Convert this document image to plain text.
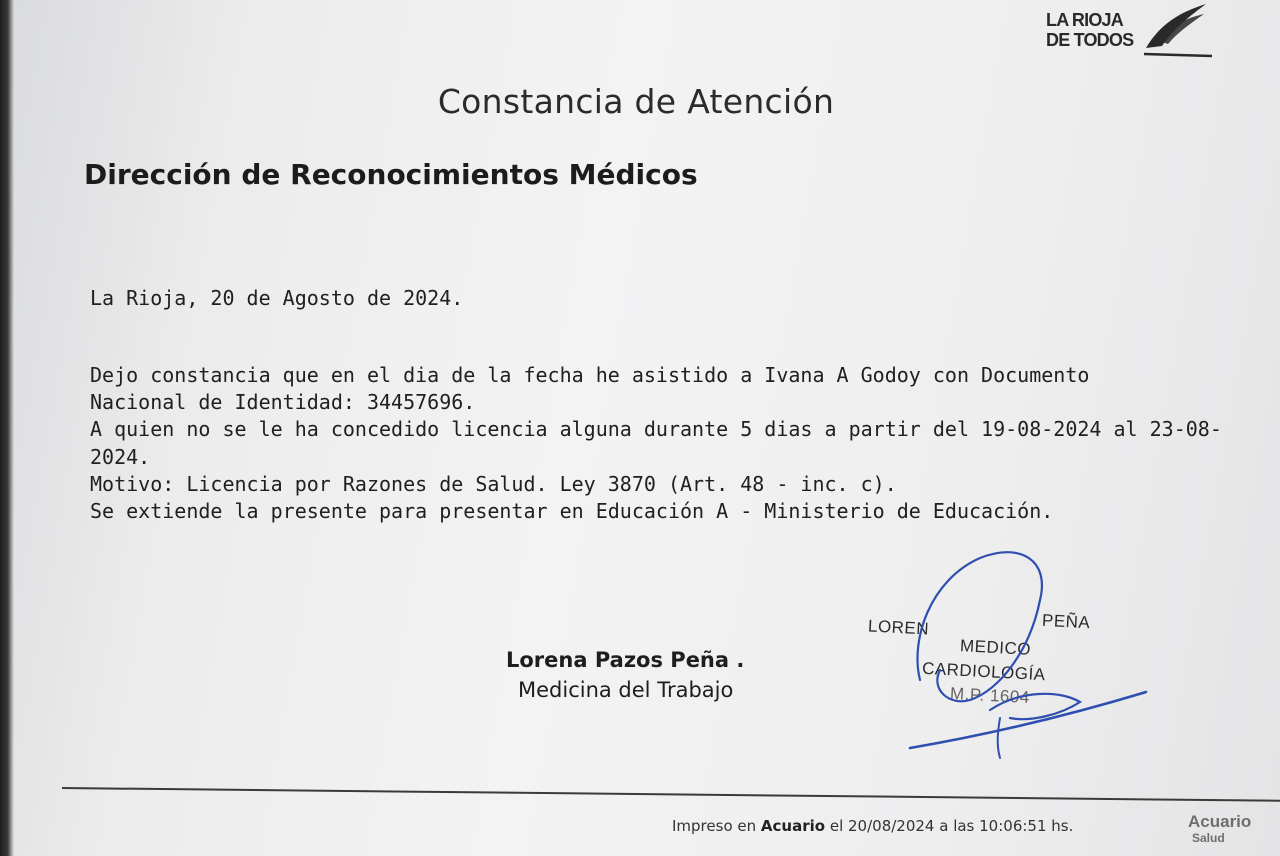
LA RIOJA
DE TODOS
Constancia de Atención
Dirección de Reconocimientos Médicos
La Rioja, 20 de Agosto de 2024.
Dejo constancia que en el dia de la fecha he asistido a Ivana A Godoy con Documento
Nacional de Identidad: 34457696.
A quien no se le ha concedido licencia alguna durante 5 dias a partir del 19-08-2024 al 23-08-
2024.
Motivo: Licencia por Razones de Salud. Ley 3870 (Art. 48 - inc. c).
Se extiende la presente para presentar en Educación A - Ministerio de Educación.
Lorena Pazos Peña .
Medicina del Trabajo
LOREN	PEÑA
MEDICO
CARDIOLOGÍA
M.P. 1604
Impreso en Acuario el 20/08/2024 a las 10:06:51 hs.	Acuario
Salud
